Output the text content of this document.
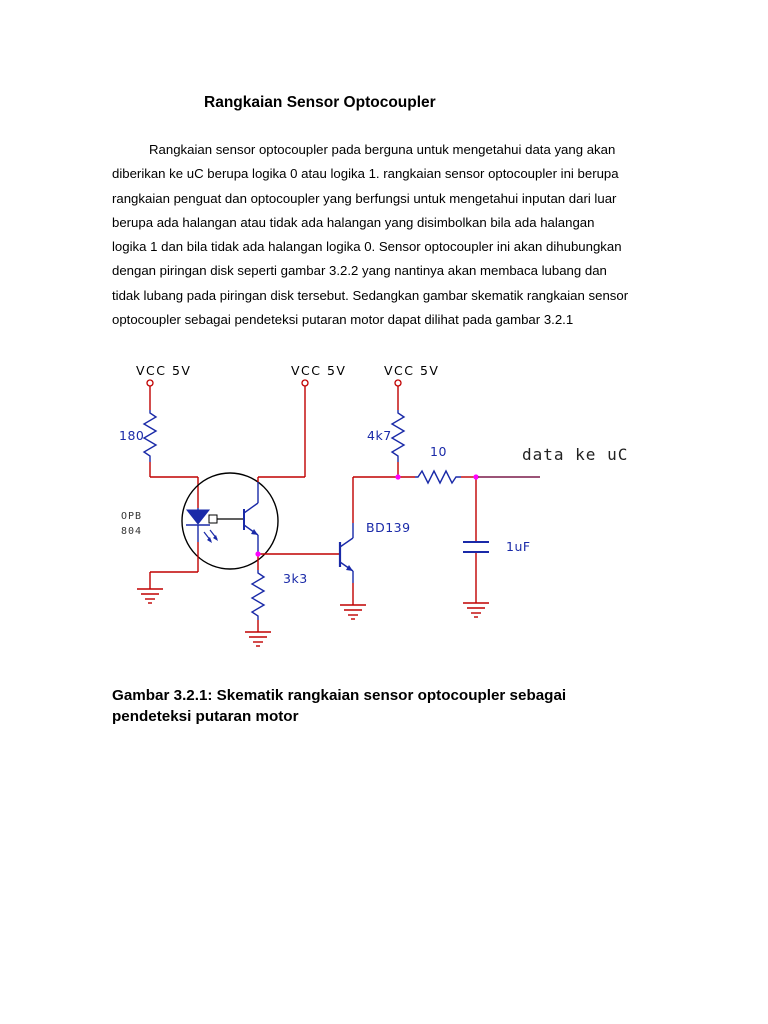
Rangkaian Sensor Optocoupler
Rangkaian sensor optocoupler pada berguna untuk mengetahui data yang akan
diberikan ke uC berupa logika 0 atau logika 1. rangkaian sensor optocoupler ini berupa
rangkaian penguat dan optocoupler yang berfungsi untuk mengetahui inputan dari luar
berupa ada halangan atau tidak ada halangan yang disimbolkan bila ada halangan
logika 1 dan bila tidak ada halangan logika 0. Sensor optocoupler ini akan dihubungkan
dengan piringan disk seperti gambar 3.2.2 yang nantinya akan membaca lubang dan
tidak lubang pada piringan disk tersebut. Sedangkan gambar skematik rangkaian sensor
optocoupler sebagai pendeteksi putaran motor dapat dilihat pada gambar 3.2.1
VCC 5V
180
OPB
804
VCC 5V
3k3
BD139
VCC 5V
4k7
10	data ke uC
1uF
Gambar 3.2.1: Skematik rangkaian sensor optocoupler sebagai
pendeteksi putaran motor
